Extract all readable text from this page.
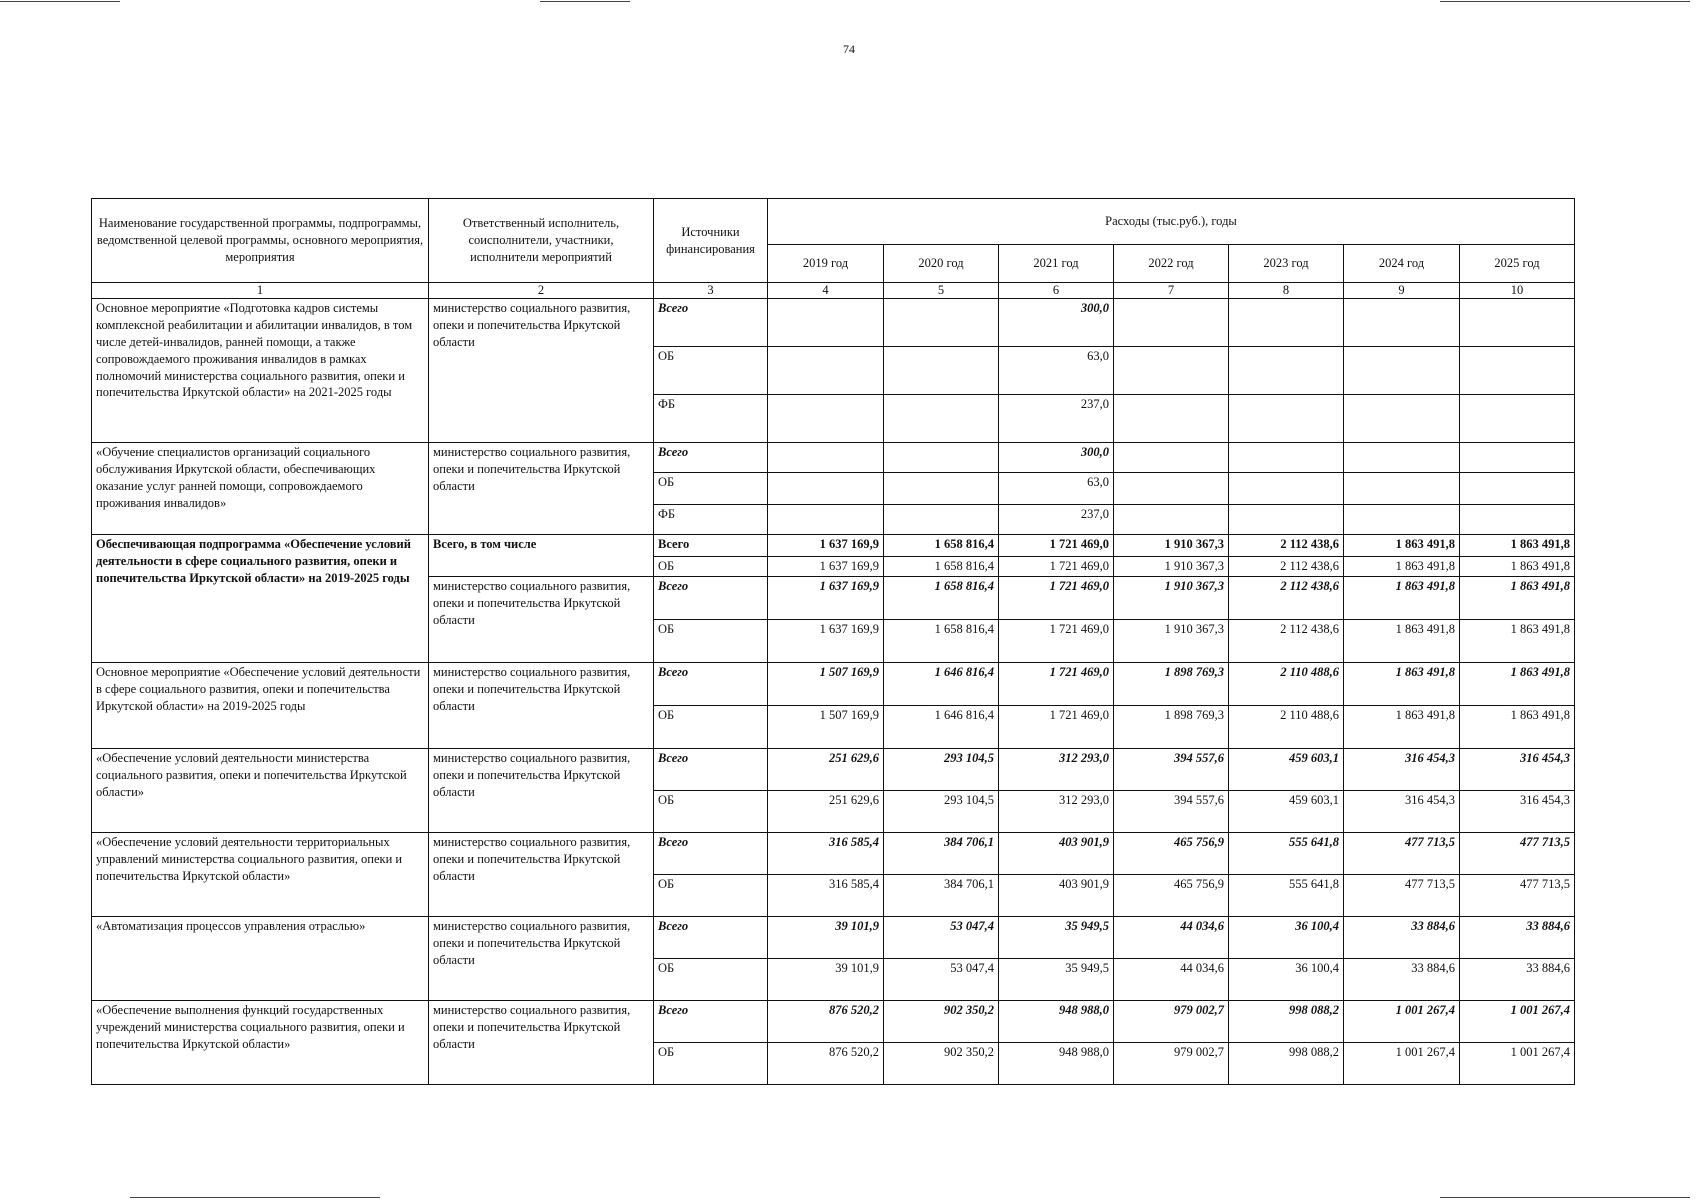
74
Наименование государственной программы, подпрограммы, ведомственной целевой программы, основного мероприятия, мероприятия	Ответственный исполнитель, соисполнители, участники, исполнители мероприятий	Источники финансирования	Расходы (тыс.руб.), годы						
			2019 год	2020 год	2021 год	2022 год	2023 год	2024 год	2025 год
1	2	3	4	5	6	7	8	9	10
Основное мероприятие «Подготовка кадров системы комплексной реабилитации и абилитации инвалидов, в том числе детей-инвалидов, ранней помощи, а также сопровождаемого проживания инвалидов в рамках полномочий министерства социального развития, опеки и попечительства Иркутской области» на 2021-2025 годы	министерство социального развития, опеки и попечительства Иркутской области	Всего			300,0				
		ОБ			63,0				
		ФБ			237,0				
«Обучение специалистов организаций социального обслуживания Иркутской области, обеспечивающих оказание услуг ранней помощи, сопровождаемого проживания инвалидов»	министерство социального развития, опеки и попечительства Иркутской области	Всего			300,0				
		ОБ			63,0				
		ФБ			237,0				
Обеспечивающая подпрограмма «Обеспечение условий деятельности в сфере социального развития, опеки и попечительства Иркутской области» на 2019-2025 годы	Всего, в том числе	Всего	1 637 169,9	1 658 816,4	1 721 469,0	1 910 367,3	2 112 438,6	1 863 491,8	1 863 491,8
		ОБ	1 637 169,9	1 658 816,4	1 721 469,0	1 910 367,3	2 112 438,6	1 863 491,8	1 863 491,8
	министерство социального развития, опеки и попечительства Иркутской области	Всего	1 637 169,9	1 658 816,4	1 721 469,0	1 910 367,3	2 112 438,6	1 863 491,8	1 863 491,8
		ОБ	1 637 169,9	1 658 816,4	1 721 469,0	1 910 367,3	2 112 438,6	1 863 491,8	1 863 491,8
Основное мероприятие «Обеспечение условий деятельности в сфере социального развития, опеки и попечительства Иркутской области» на 2019-2025 годы	министерство социального развития, опеки и попечительства Иркутской области	Всего	1 507 169,9	1 646 816,4	1 721 469,0	1 898 769,3	2 110 488,6	1 863 491,8	1 863 491,8
		ОБ	1 507 169,9	1 646 816,4	1 721 469,0	1 898 769,3	2 110 488,6	1 863 491,8	1 863 491,8
«Обеспечение условий деятельности министерства социального развития, опеки и попечительства Иркутской области»	министерство социального развития, опеки и попечительства Иркутской области	Всего	251 629,6	293 104,5	312 293,0	394 557,6	459 603,1	316 454,3	316 454,3
		ОБ	251 629,6	293 104,5	312 293,0	394 557,6	459 603,1	316 454,3	316 454,3
«Обеспечение условий деятельности территориальных управлений министерства социального развития, опеки и попечительства Иркутской области»	министерство социального развития, опеки и попечительства Иркутской области	Всего	316 585,4	384 706,1	403 901,9	465 756,9	555 641,8	477 713,5	477 713,5
		ОБ	316 585,4	384 706,1	403 901,9	465 756,9	555 641,8	477 713,5	477 713,5
«Автоматизация процессов управления отраслью»	министерство социального развития, опеки и попечительства Иркутской области	Всего	39 101,9	53 047,4	35 949,5	44 034,6	36 100,4	33 884,6	33 884,6
		ОБ	39 101,9	53 047,4	35 949,5	44 034,6	36 100,4	33 884,6	33 884,6
«Обеспечение выполнения функций государственных учреждений министерства социального развития, опеки и попечительства Иркутской области»	министерство социального развития, опеки и попечительства Иркутской области	Всего	876 520,2	902 350,2	948 988,0	979 002,7	998 088,2	1 001 267,4	1 001 267,4
		ОБ	876 520,2	902 350,2	948 988,0	979 002,7	998 088,2	1 001 267,4	1 001 267,4
